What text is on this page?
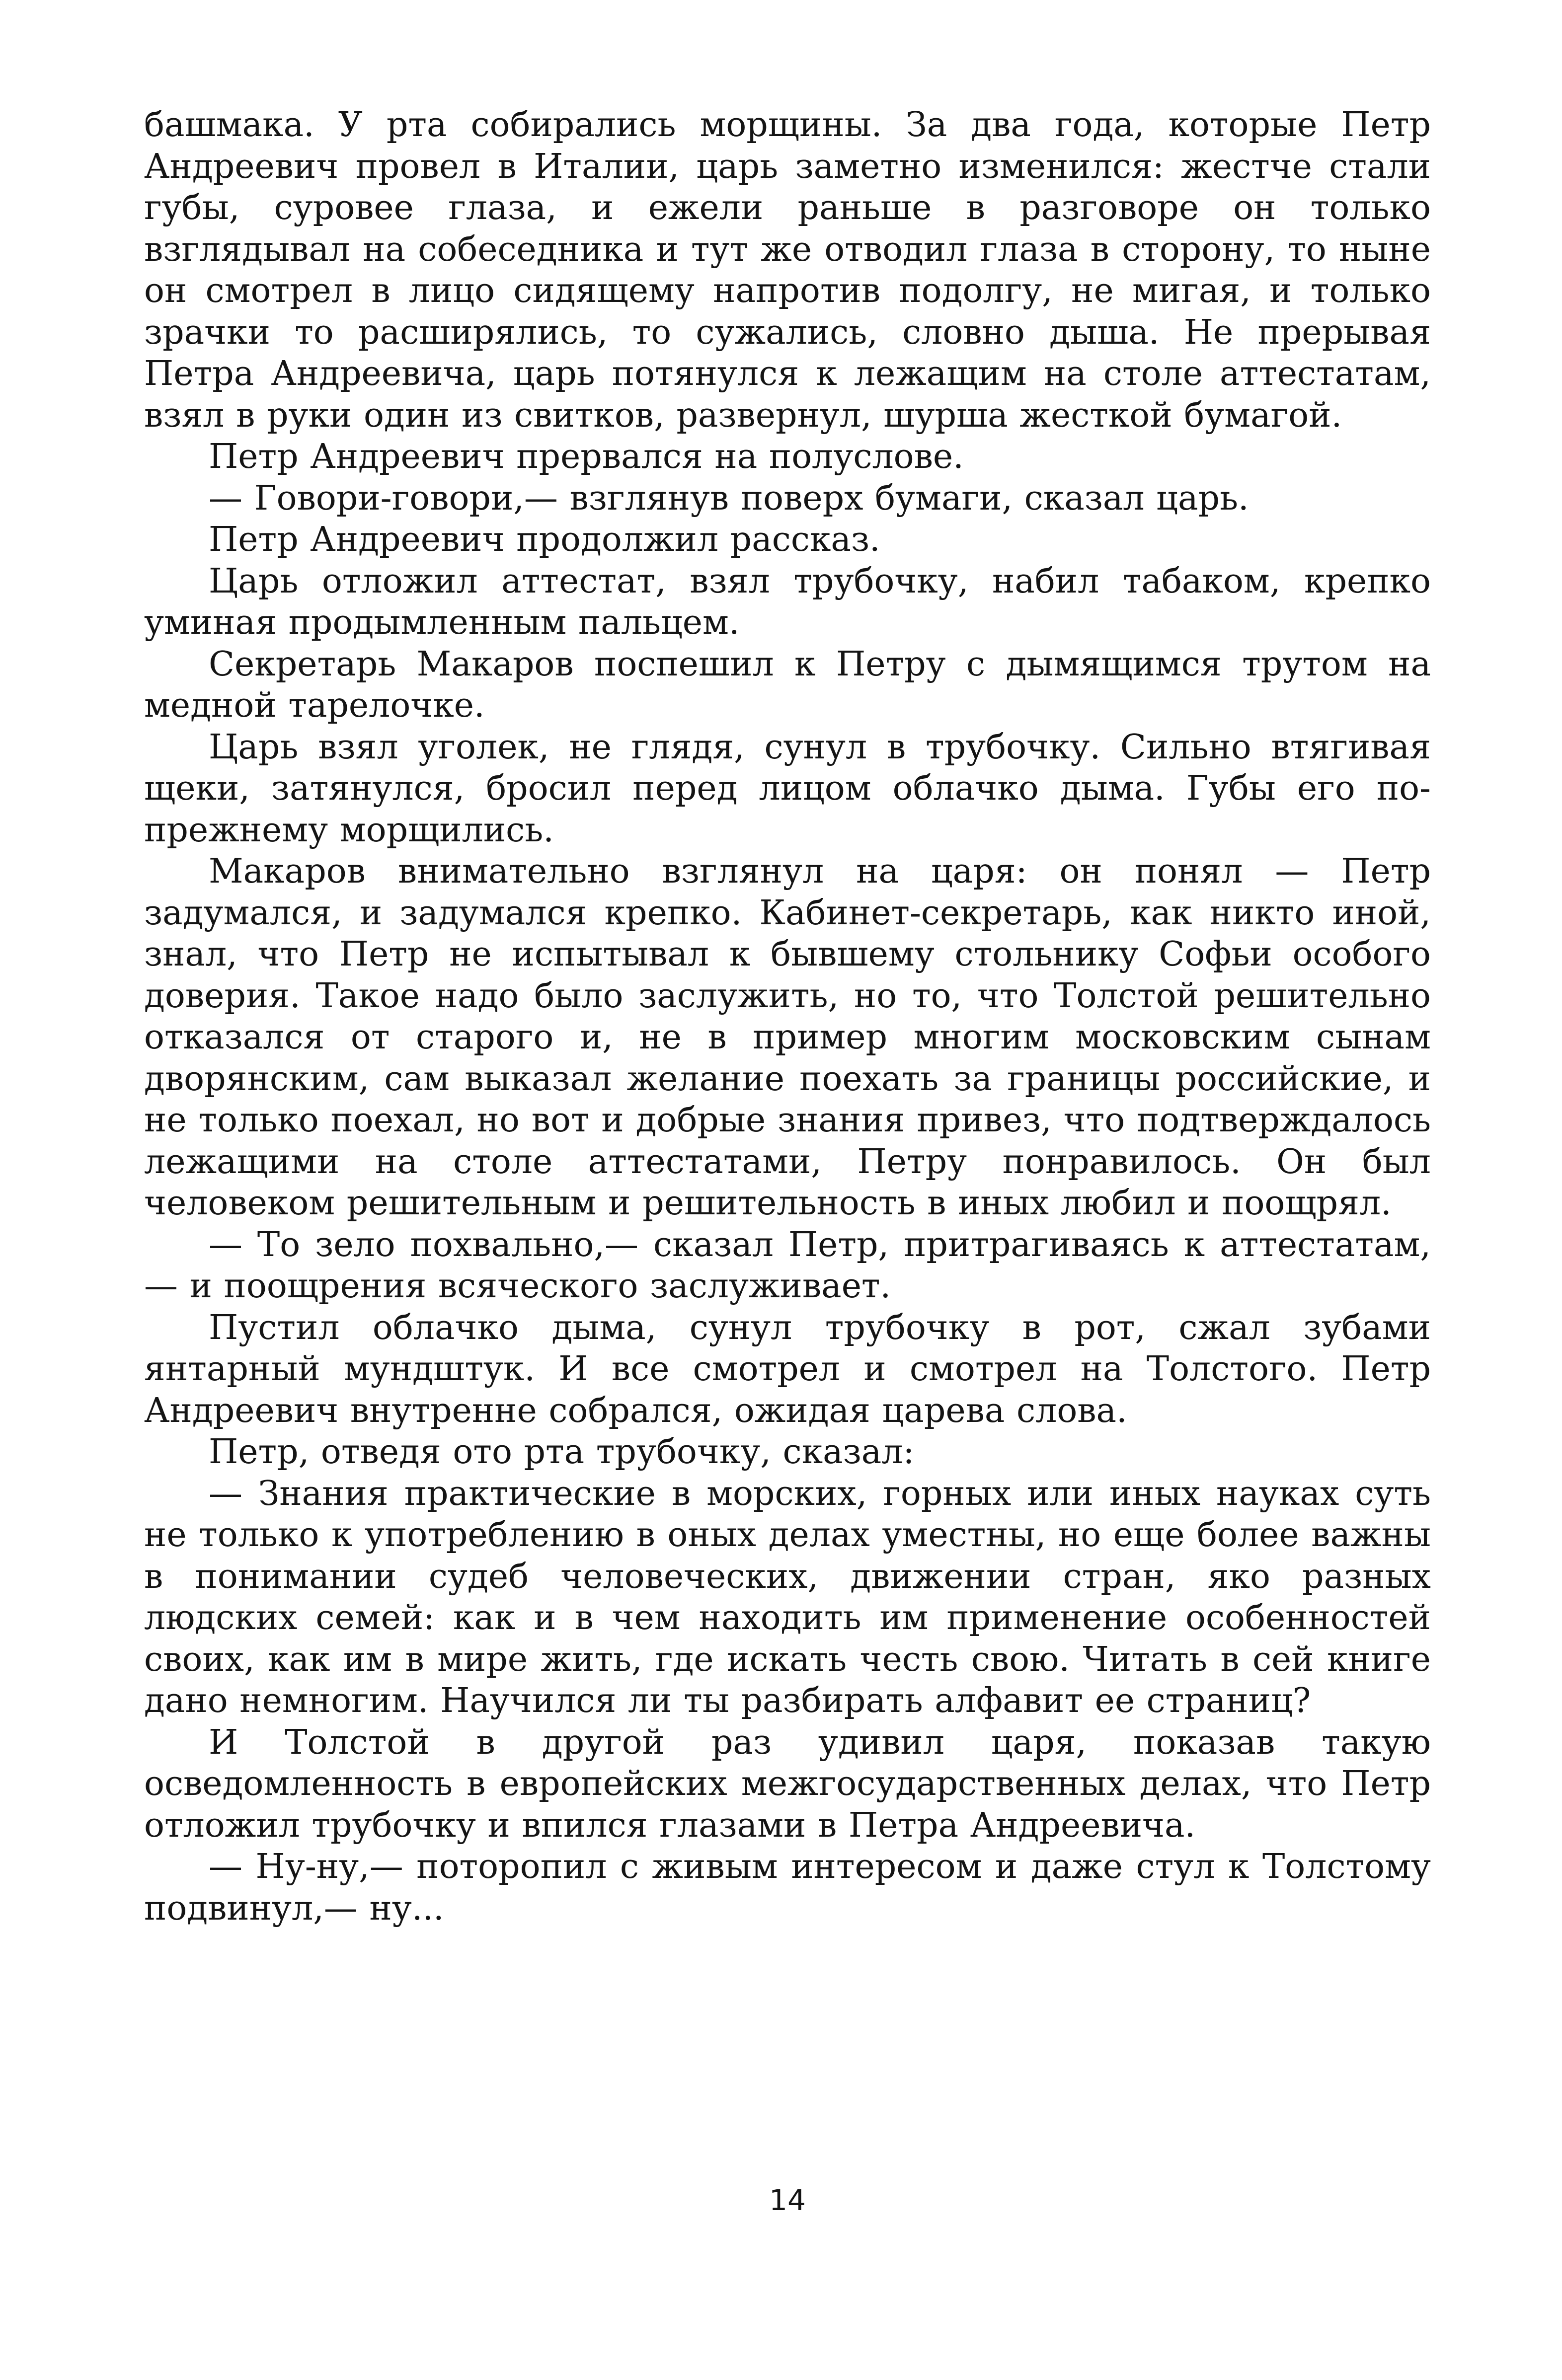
башмака. У рта собирались морщины. За два года, которые Петр Андреевич провел в Италии, царь заметно изменился: жестче стали губы, суровее глаза, и ежели раньше в разговоре он только взглядывал на собеседника и тут же отводил глаза в сторону, то ныне он смотрел в лицо сидящему напротив подолгу, не мигая, и только зрачки то расширялись, то сужались, словно дыша. Не прерывая Петра Андреевича, царь потянулся к лежащим на столе аттестатам, взял в руки один из свитков, развернул, шурша жесткой бумагой.

Петр Андреевич прервался на полуслове.

— Говори-говори,— взглянув поверх бумаги, сказал царь.

Петр Андреевич продолжил рассказ.

Царь отложил аттестат, взял трубочку, набил табаком, крепко уминая продымленным пальцем.

Секретарь Макаров поспешил к Петру с дымящимся трутом на медной тарелочке.

Царь взял уголек, не глядя, сунул в трубочку. Сильно втягивая щеки, затянулся, бросил перед лицом облачко дыма. Губы его по-прежнему морщились.

Макаров внимательно взглянул на царя: он понял — Петр задумался, и задумался крепко. Кабинет-секретарь, как никто иной, знал, что Петр не испытывал к бывшему стольнику Софьи особого доверия. Такое надо было заслужить, но то, что Толстой решительно отказался от старого и, не в пример многим московским сынам дворянским, сам выказал желание поехать за границы российские, и не только поехал, но вот и добрые знания привез, что подтверждалось лежащими на столе аттестатами, Петру понравилось. Он был человеком решительным и решительность в иных любил и поощрял.

— То зело похвально,— сказал Петр, притрагиваясь к аттестатам,— и поощрения всяческого заслуживает.

Пустил облачко дыма, сунул трубочку в рот, сжал зубами янтарный мундштук. И все смотрел и смотрел на Толстого. Петр Андреевич внутренне собрался, ожидая царева слова.

Петр, отведя ото рта трубочку, сказал:

— Знания практические в морских, горных или иных науках суть не только к употреблению в оных делах уместны, но еще более важны в понимании судеб человеческих, движении стран, яко разных людских семей: как и в чем находить им применение особенностей своих, как им в мире жить, где искать честь свою. Читать в сей книге дано немногим. Научился ли ты разбирать алфавит ее страниц?

И Толстой в другой раз удивил царя, показав такую осведомленность в европейских межгосударственных делах, что Петр отложил трубочку и впился глазами в Петра Андреевича.

— Ну-ну,— поторопил с живым интересом и даже стул к Толстому подвинул,— ну...

14
